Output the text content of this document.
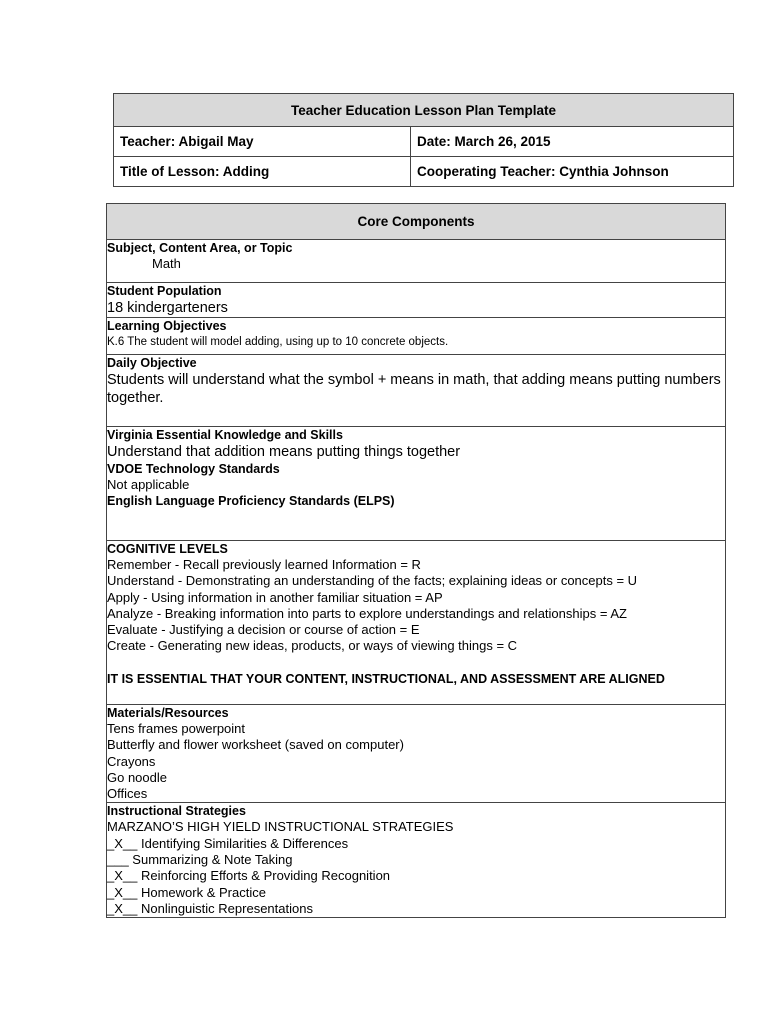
Teacher Education Lesson Plan Template	
Teacher: Abigail May	Date: March 26, 2015
Title of Lesson: Adding	Cooperating Teacher: Cynthia Johnson
Core Components

Subject, Content Area, or Topic
Math

Student Population
18 kindergarteners

Learning Objectives
K.6 The student will model adding, using up to 10 concrete objects.

Daily Objective
Students will understand what the symbol + means in math, that adding means putting numbers together.

Virginia Essential Knowledge and Skills
Understand that addition means putting things together
VDOE Technology Standards
Not applicable
English Language Proficiency Standards (ELPS)

COGNITIVE LEVELS
Remember - Recall previously learned Information = R
Understand - Demonstrating an understanding of the facts; explaining ideas or concepts = U
Apply - Using information in another familiar situation = AP
Analyze - Breaking information into parts to explore understandings and relationships = AZ
Evaluate - Justifying a decision or course of action = E
Create - Generating new ideas, products, or ways of viewing things = C
IT IS ESSENTIAL THAT YOUR CONTENT, INSTRUCTIONAL, AND ASSESSMENT ARE ALIGNED

Materials/Resources
Tens frames powerpoint
Butterfly and flower worksheet (saved on computer)
Crayons
Go noodle
Offices

Instructional Strategies
MARZANO’S HIGH YIELD INSTRUCTIONAL STRATEGIES
_X__ Identifying Similarities & Differences
___ Summarizing & Note Taking
_X__ Reinforcing Efforts & Providing Recognition
_X__ Homework & Practice
_X__ Nonlinguistic Representations
